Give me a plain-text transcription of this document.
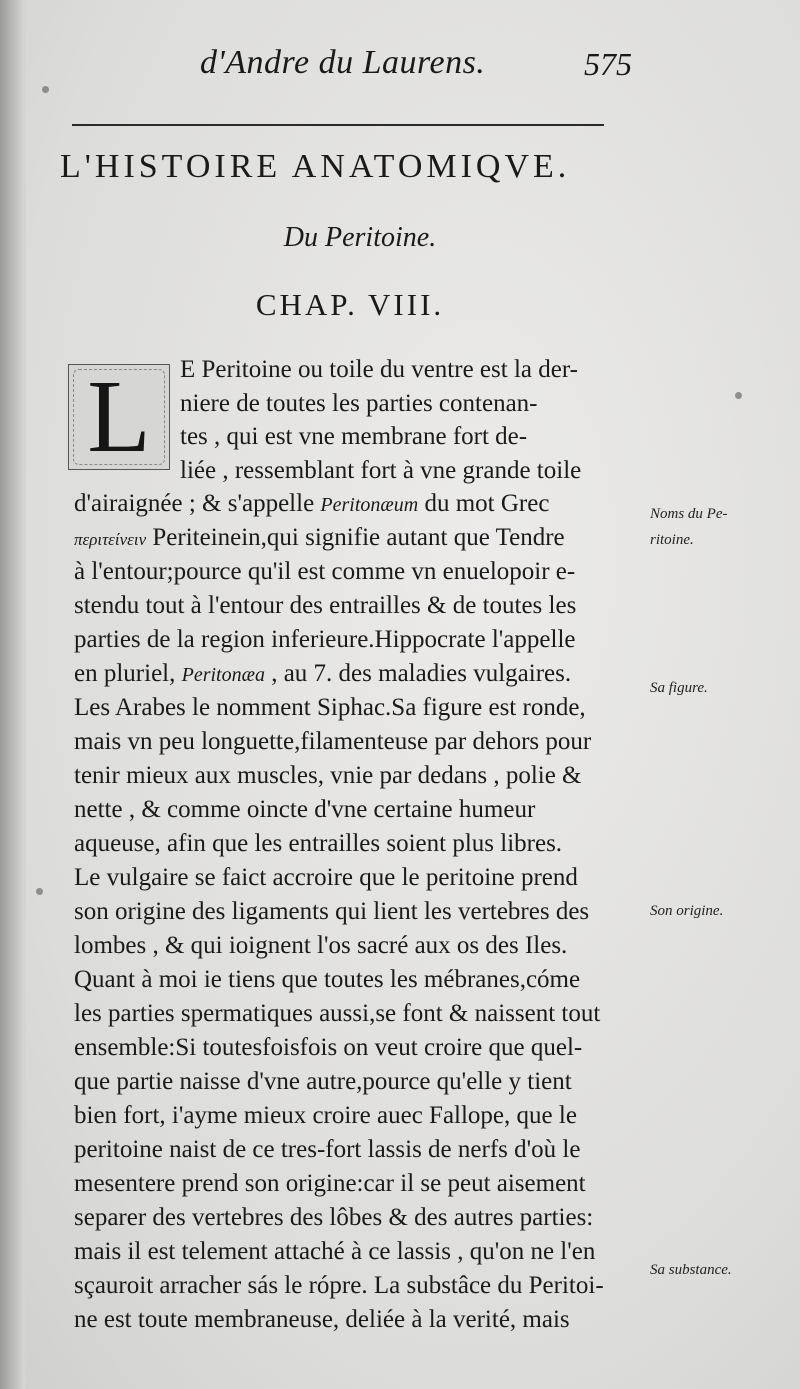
d'Andre du Laurens.	575
L'HISTOIRE ANATOMIQVE.
Du Peritoine.
CHAP. VIII.
L	E Peritoine ou toile du ventre est la der-
niere de toutes les parties contenan-
tes , qui est vne membrane fort de-
liée , ressemblant fort à vne grande toile
d'airaignée ; & s'appelle Peritonæum du mot Grec
περιτείνειν Periteinein,qui signifie autant que Tendre
à l'entour;pource qu'il est comme vn enuelopoir e-
stendu tout à l'entour des entrailles & de toutes les
parties de la region inferieure.Hippocrate l'appelle
en pluriel, Peritonæa , au 7. des maladies vulgaires.
Les Arabes le nomment Siphac.Sa figure est ronde,
mais vn peu longuette,filamenteuse par dehors pour
tenir mieux aux muscles, vnie par dedans , polie &
nette , & comme oincte d'vne certaine humeur
aqueuse, afin que les entrailles soient plus libres.
Le vulgaire se faict accroire que le peritoine prend
son origine des ligaments qui lient les vertebres des
lombes , & qui ioignent l'os sacré aux os des Iles.
Quant à moi ie tiens que toutes les mébranes,cóme
les parties spermatiques aussi,se font & naissent tout
ensemble:Si toutesfoisfois on veut croire que quel-
que partie naisse d'vne autre,pource qu'elle y tient
bien fort, i'ayme mieux croire auec Fallope, que le
peritoine naist de ce tres-fort lassis de nerfs d'où le
mesentere prend son origine:car il se peut aisement
separer des vertebres des lôbes & des autres parties:
mais il est telement attaché à ce lassis , qu'on ne l'en
sçauroit arracher sás le rópre. La substâce du Peritoi-
ne est toute membraneuse, deliée à la verité, mais
Noms du Pe-
ritoine.
Sa figure.
Son origine.
Sa substance.
